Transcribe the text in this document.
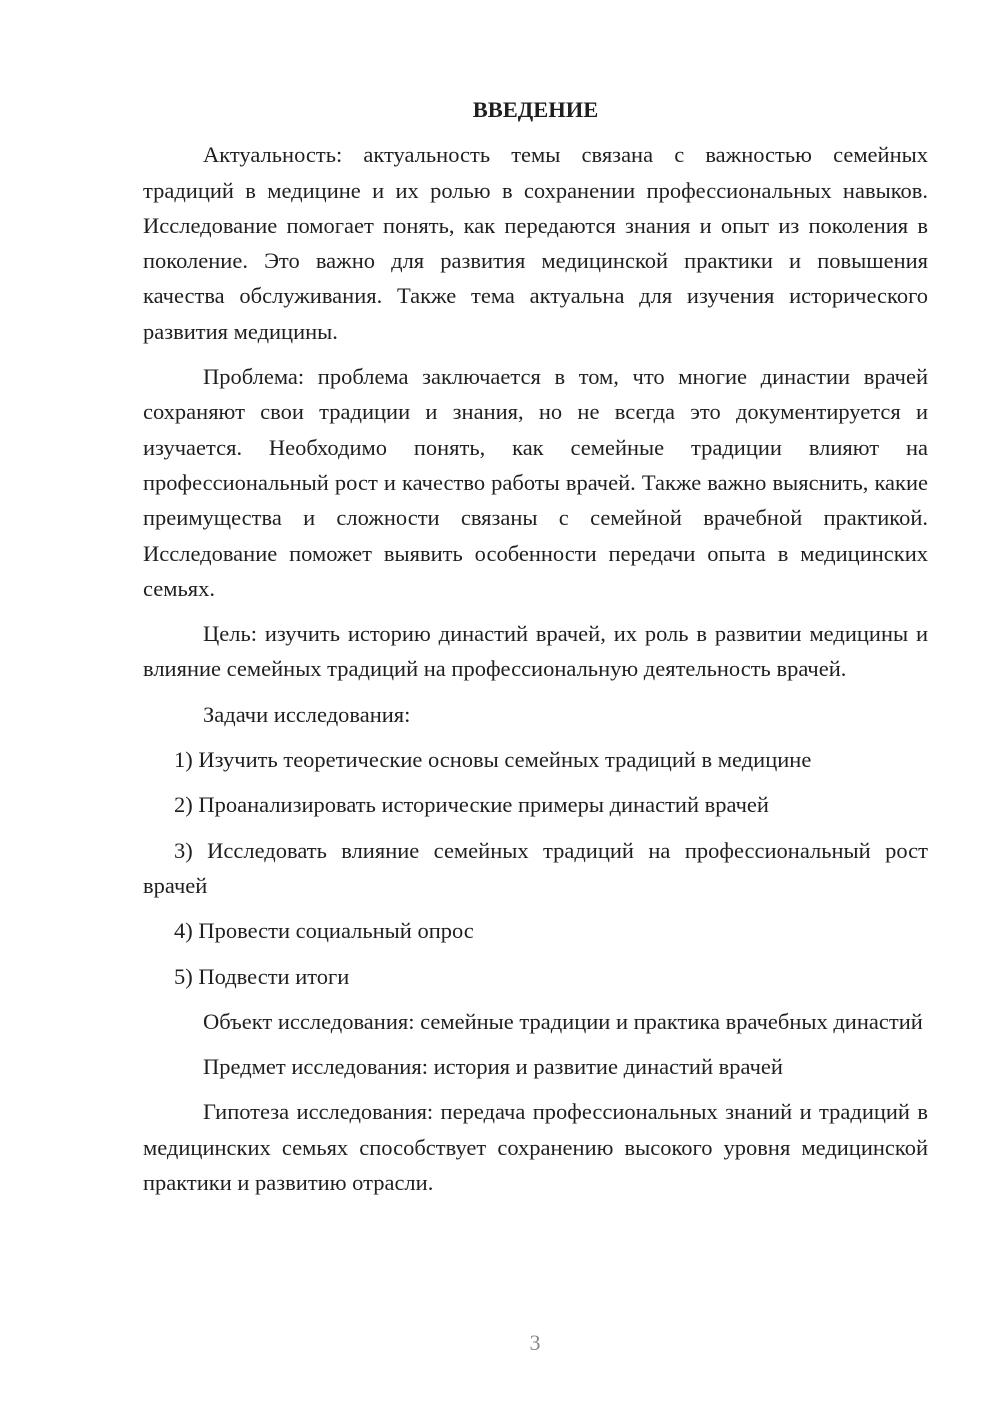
ВВЕДЕНИЕ
Актуальность: актуальность темы связана с важностью семейных традиций в медицине и их ролью в сохранении профессиональных навыков. Исследование помогает понять, как передаются знания и опыт из поколения в поколение. Это важно для развития медицинской практики и повышения качества обслуживания. Также тема актуальна для изучения исторического развития медицины.
Проблема: проблема заключается в том, что многие династии врачей сохраняют свои традиции и знания, но не всегда это документируется и изучается. Необходимо понять, как семейные традиции влияют на профессиональный рост и качество работы врачей. Также важно выяснить, какие преимущества и сложности связаны с семейной врачебной практикой. Исследование поможет выявить особенности передачи опыта в медицинских семьях.
Цель: изучить историю династий врачей, их роль в развитии медицины и влияние семейных традиций на профессиональную деятельность врачей.
Задачи исследования:
1) Изучить теоретические основы семейных традиций в медицине
2) Проанализировать исторические примеры династий врачей
3) Исследовать влияние семейных традиций на профессиональный рост врачей
4) Провести социальный опрос
5) Подвести итоги
Объект исследования: семейные традиции и практика врачебных династий
Предмет исследования: история и развитие династий врачей
Гипотеза исследования: передача профессиональных знаний и традиций в медицинских семьях способствует сохранению высокого уровня медицинской практики и развитию отрасли.
3
